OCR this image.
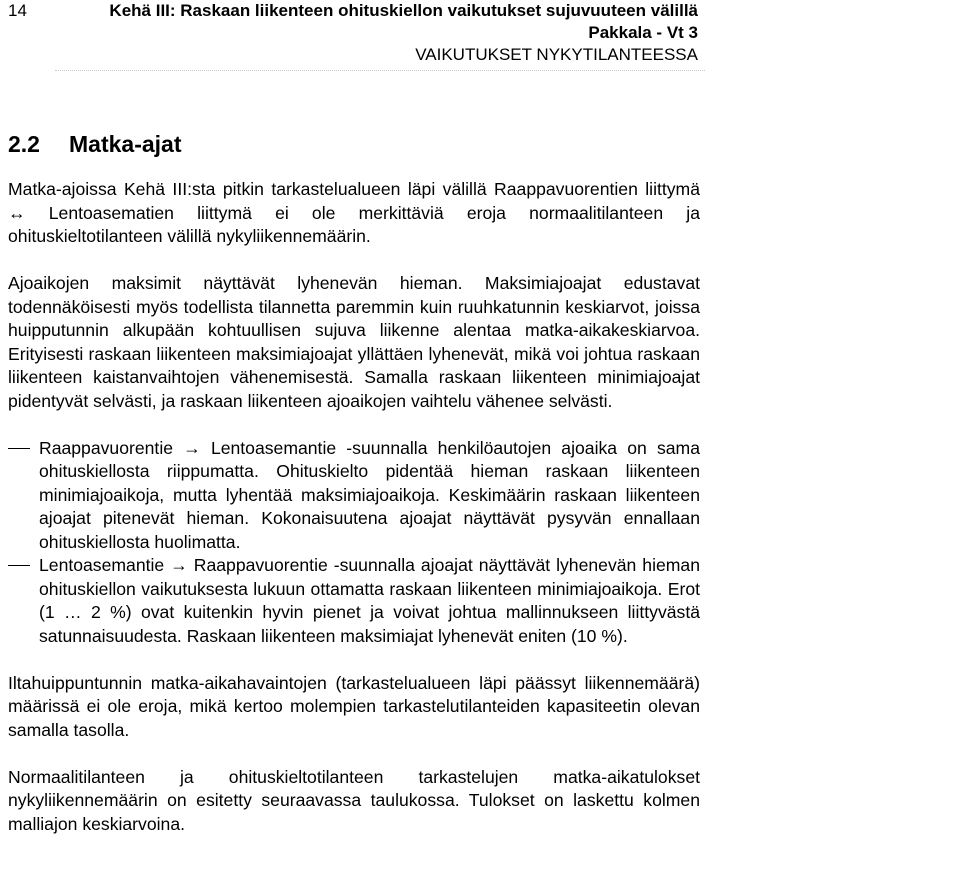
14	Kehä III: Raskaan liikenteen ohituskiellon vaikutukset sujuvuuteen välillä
Pakkala - Vt 3
VAIKUTUKSET NYKYTILANTEESSA
2.2 Matka-ajat

Matka-ajoissa Kehä III:sta pitkin tarkastelualueen läpi välillä Raappavuorentien liittymä ↔ Lentoasematien liittymä ei ole merkittäviä eroja normaalitilanteen ja ohituskieltotilanteen välillä nykyliikennemäärin.

Ajoaikojen maksimit näyttävät lyhenevän hieman. Maksimiajoajat edustavat todennäköisesti myös todellista tilannetta paremmin kuin ruuhkatunnin keskiarvot, joissa huipputunnin alkupään kohtuullisen sujuva liikenne alentaa matka-aikakeskiarvoa. Erityisesti raskaan liikenteen maksimiajoajat yllättäen lyhenevät, mikä voi johtua raskaan liikenteen kaistanvaihtojen vähenemisestä. Samalla raskaan liikenteen minimiajoajat pidentyvät selvästi, ja raskaan liikenteen ajoaikojen vaihtelu vähenee selvästi.

Raappavuorentie → Lentoasemantie -suunnalla henkilöautojen ajoaika on sama ohituskiellosta riippumatta. Ohituskielto pidentää hieman raskaan liikenteen minimiajoaikoja, mutta lyhentää maksimiajoaikoja. Keskimäärin raskaan liikenteen ajoajat pitenevät hieman. Kokonaisuutena ajoajat näyttävät pysyvän ennallaan ohituskiellosta huolimatta.
Lentoasemantie → Raappavuorentie -suunnalla ajoajat näyttävät lyhenevän hieman ohituskiellon vaikutuksesta lukuun ottamatta raskaan liikenteen minimiajoaikoja. Erot (1 … 2 %) ovat kuitenkin hyvin pienet ja voivat johtua mallinnukseen liittyvästä satunnaisuudesta. Raskaan liikenteen maksimiajat lyhenevät eniten (10 %).

Iltahuippuntunnin matka-aikahavaintojen (tarkastelualueen läpi päässyt liikennemäärä) määrissä ei ole eroja, mikä kertoo molempien tarkastelutilanteiden kapasiteetin olevan samalla tasolla.

Normaalitilanteen ja ohituskieltotilanteen tarkastelujen matka-aikatulokset nykyliikennemäärin on esitetty seuraavassa taulukossa. Tulokset on laskettu kolmen malliajon keskiarvoina.
